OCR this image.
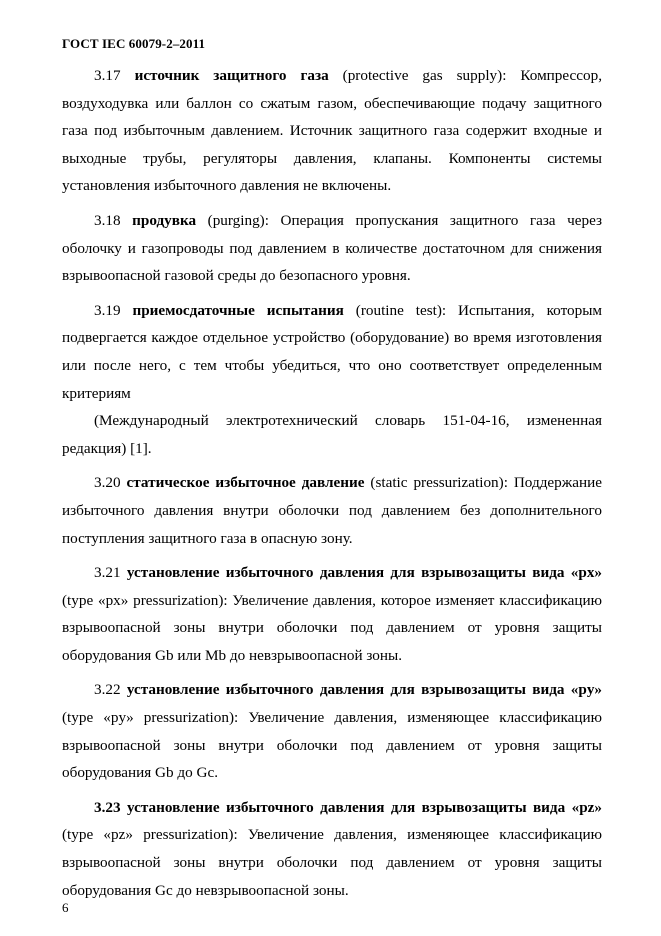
ГОСТ IEC 60079-2–2011

3.17 источник защитного газа (protective gas supply): Компрессор, воздуходувка или баллон со сжатым газом, обеспечивающие подачу защитного газа под избыточным давлением. Источник защитного газа содержит входные и выходные трубы, регуляторы давления, клапаны. Компоненты системы установления избыточного давления не включены.

3.18 продувка (purging): Операция пропускания защитного газа через оболочку и газопроводы под давлением в количестве достаточном для снижения взрывоопасной газовой среды до безопасного уровня.

3.19 приемосдаточные испытания (routine test): Испытания, которым подвергается каждое отдельное устройство (оборудование) во время изготовления или после него, с тем чтобы убедиться, что оно соответствует определенным критериям

(Международный электротехнический словарь 151-04-16, измененная редакция) [1].

3.20 статическое избыточное давление (static pressurization): Поддержание избыточного давления внутри оболочки под давлением без дополнительного поступления защитного газа в опасную зону.

3.21 установление избыточного давления для взрывозащиты вида «px» (type «px» pressurization): Увеличение давления, которое изменяет классификацию взрывоопасной зоны внутри оболочки под давлением от уровня защиты оборудования Gb или Mb до невзрывоопасной зоны.

3.22 установление избыточного давления для взрывозащиты вида «py» (type «py» pressurization): Увеличение давления, изменяющее классификацию взрывоопасной зоны внутри оболочки под давлением от уровня защиты оборудования Gb до Gc.

3.23 установление избыточного давления для взрывозащиты вида «pz» (type «pz» pressurization): Увеличение давления, изменяющее классификацию взрывоопасной зоны внутри оболочки под давлением от уровня защиты оборудования Gc до невзрывоопасной зоны.

6
